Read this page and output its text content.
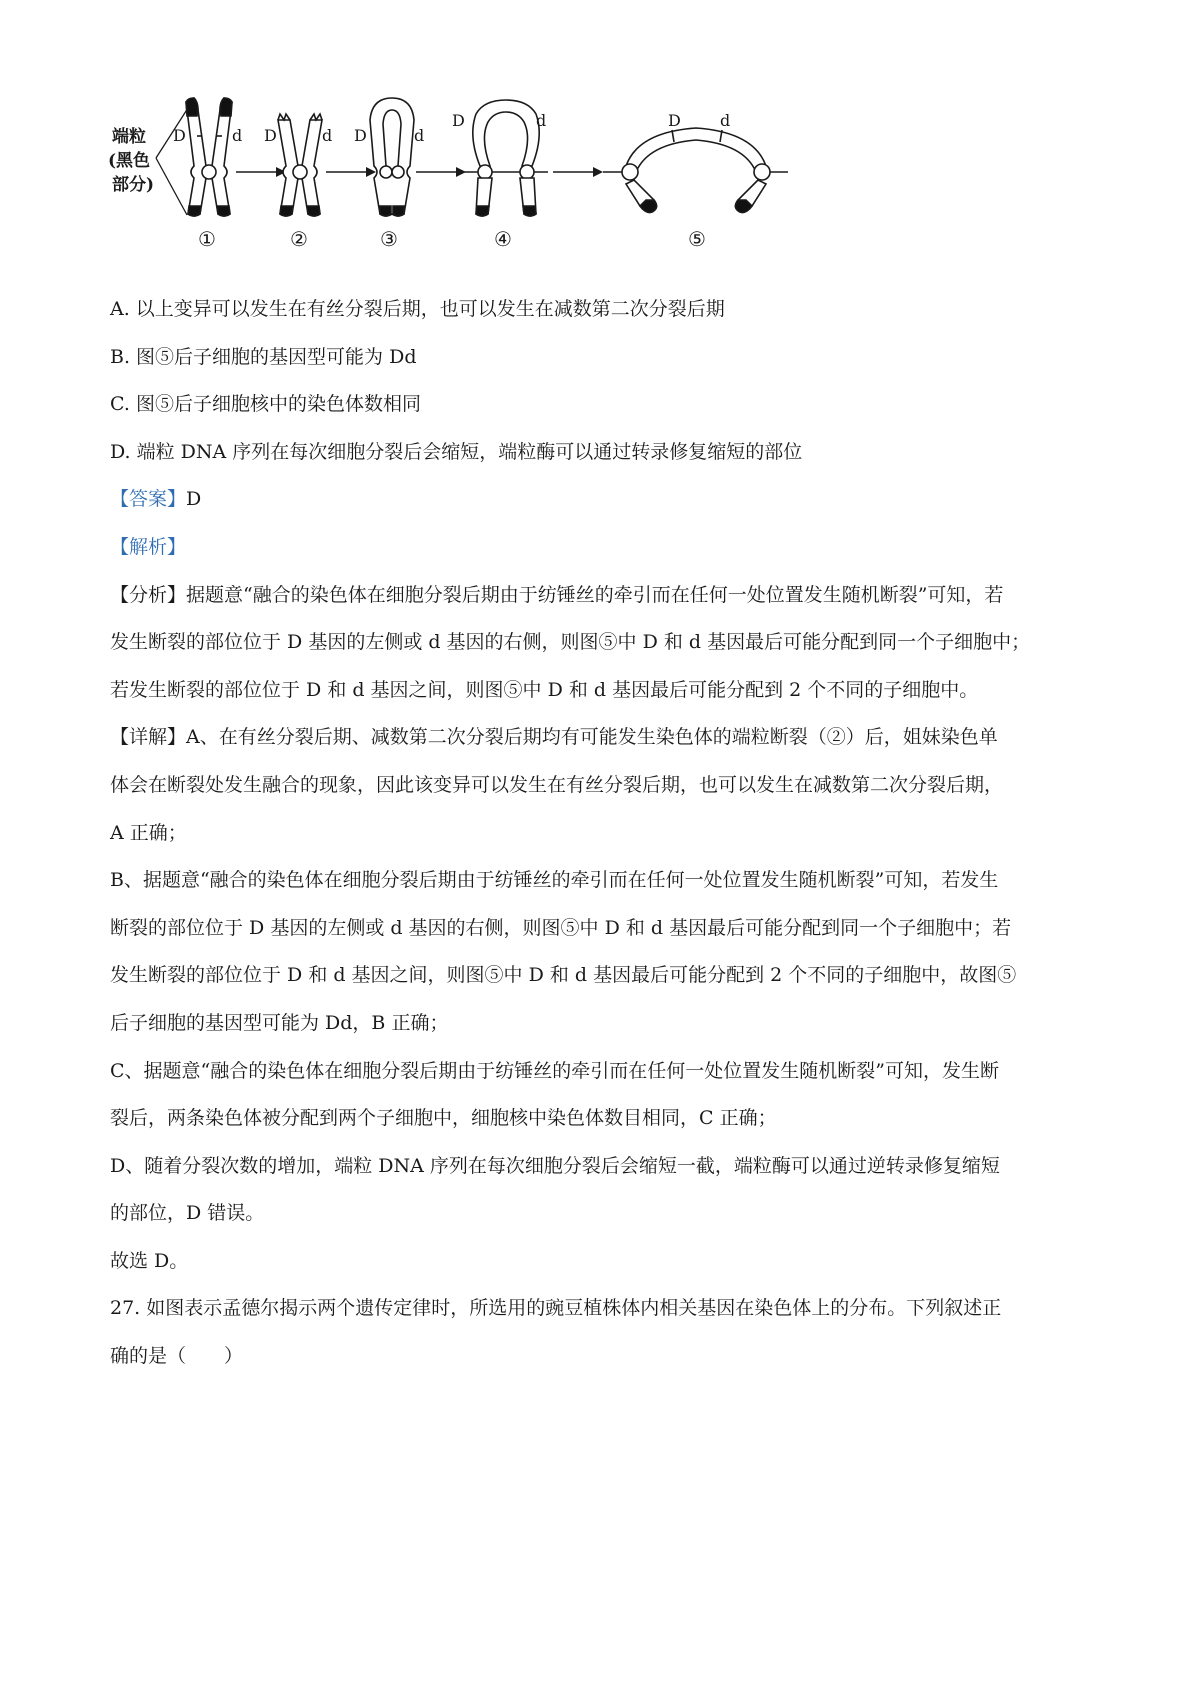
端粒
(黑色
部分)
D	d
①
D	d
②
D	d
③
D	d
④
D d
⑤

A. 以上变异可以发生在有丝分裂后期，也可以发生在减数第二次分裂后期

B. 图⑤后子细胞的基因型可能为 Dd

C. 图⑤后子细胞核中的染色体数相同

D. 端粒 DNA 序列在每次细胞分裂后会缩短，端粒酶可以通过转录修复缩短的部位

【答案】D

【解析】

【分析】据题意“融合的染色体在细胞分裂后期由于纺锤丝的牵引而在任何一处位置发生随机断裂”可知，若

发生断裂的部位位于 D 基因的左侧或 d 基因的右侧，则图⑤中 D 和 d 基因最后可能分配到同一个子细胞中；

若发生断裂的部位位于 D 和 d 基因之间，则图⑤中 D 和 d 基因最后可能分配到 2 个不同的子细胞中。

【详解】A、在有丝分裂后期、减数第二次分裂后期均有可能发生染色体的端粒断裂（②）后，姐妹染色单

体会在断裂处发生融合的现象，因此该变异可以发生在有丝分裂后期，也可以发生在减数第二次分裂后期，

A 正确；

B、据题意“融合的染色体在细胞分裂后期由于纺锤丝的牵引而在任何一处位置发生随机断裂”可知，若发生

断裂的部位位于 D 基因的左侧或 d 基因的右侧，则图⑤中 D 和 d 基因最后可能分配到同一个子细胞中；若

发生断裂的部位位于 D 和 d 基因之间，则图⑤中 D 和 d 基因最后可能分配到 2 个不同的子细胞中，故图⑤

后子细胞的基因型可能为 Dd，B 正确；

C、据题意“融合的染色体在细胞分裂后期由于纺锤丝的牵引而在任何一处位置发生随机断裂”可知，发生断

裂后，两条染色体被分配到两个子细胞中，细胞核中染色体数目相同，C 正确；

D、随着分裂次数的增加，端粒 DNA 序列在每次细胞分裂后会缩短一截，端粒酶可以通过逆转录修复缩短

的部位，D 错误。

故选 D。

27. 如图表示孟德尔揭示两个遗传定律时，所选用的豌豆植株体内相关基因在染色体上的分布。下列叙述正

确的是（　　）
